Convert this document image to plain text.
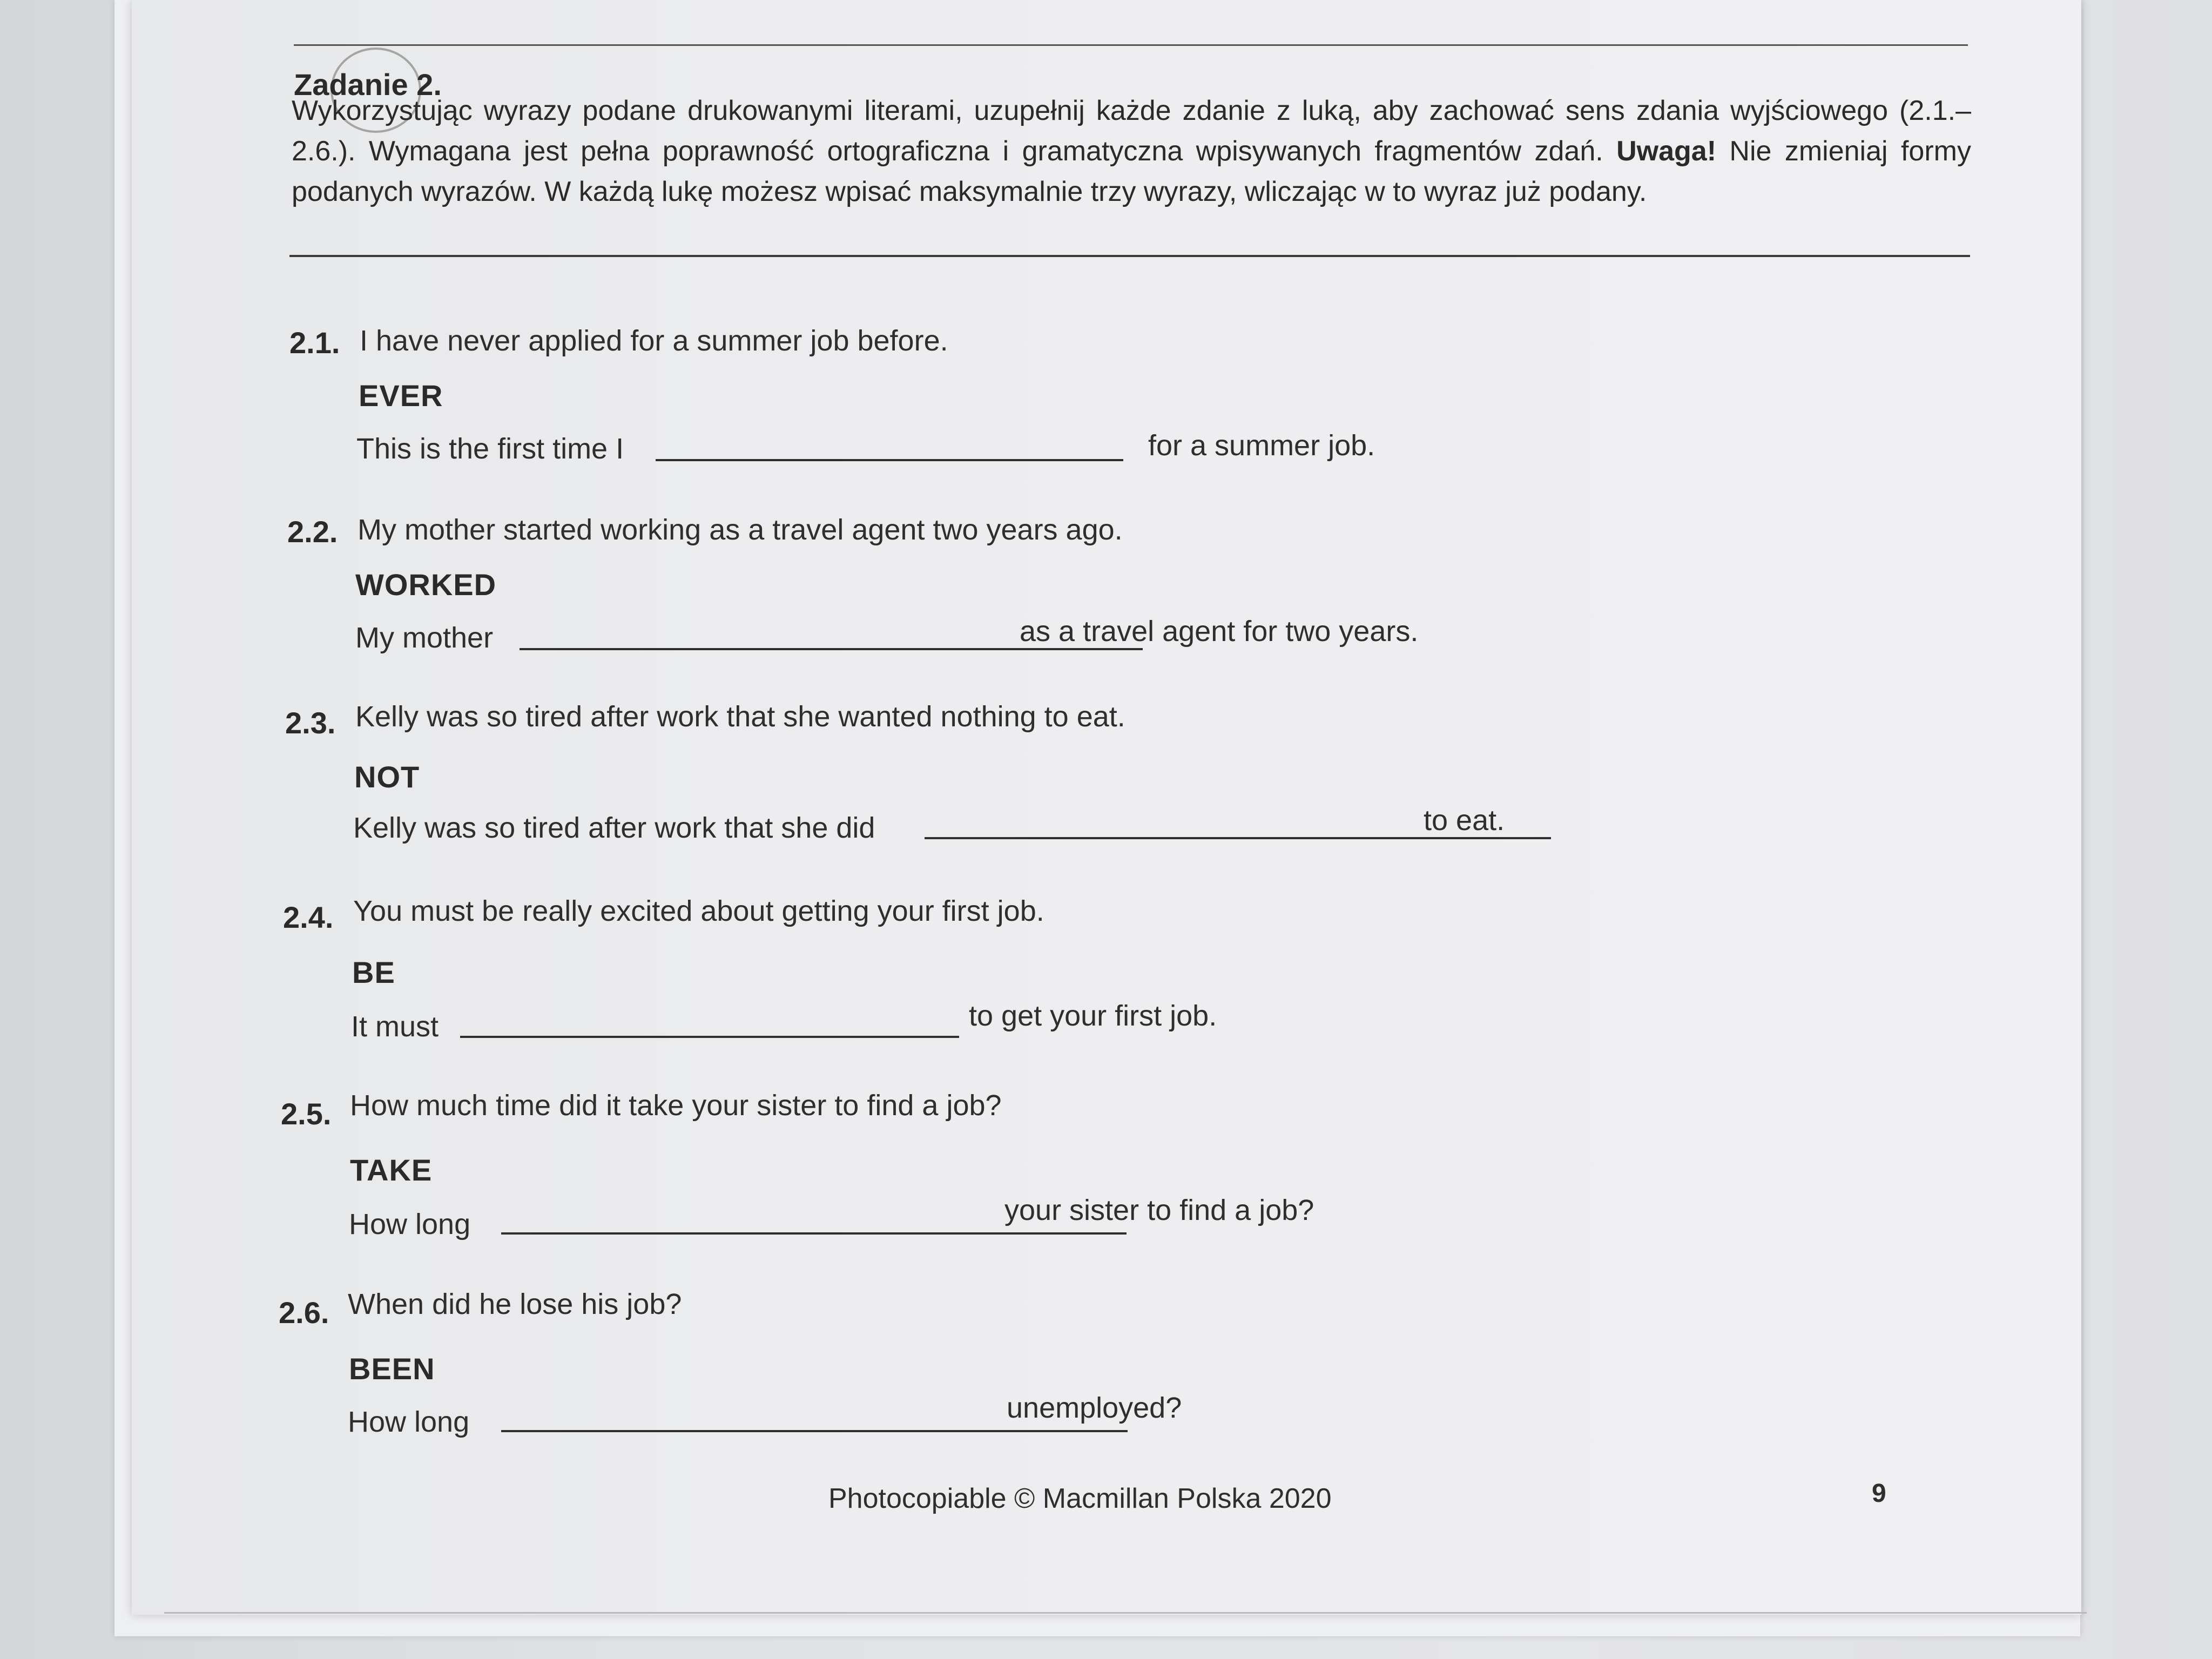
Zadanie 2.
Wykorzystując wyrazy podane drukowanymi literami, uzupełnij każde zdanie z luką, aby zachować sens zdania wyjściowego (2.1.–2.6.). Wymagana jest pełna poprawność ortograficzna i gramatyczna wpisywanych fragmentów zdań. Uwaga! Nie zmieniaj formy podanych wyrazów. W każdą lukę możesz wpisać maksymalnie trzy wyrazy, wliczając w to wyraz już podany.
2.1. I have never applied for a summer job before.
EVER
This is the first time I	for a summer job.
2.2. My mother started working as a travel agent two years ago.
WORKED
My mother	as a travel agent for two years.
2.3. Kelly was so tired after work that she wanted nothing to eat.
NOT
Kelly was so tired after work that she did	to eat.
2.4. You must be really excited about getting your first job.
BE
It must	to get your first job.
2.5. How much time did it take your sister to find a job?
TAKE
How long	your sister to find a job?
2.6. When did he lose his job?
BEEN
How long	unemployed?
Photocopiable © Macmillan Polska 2020	9
